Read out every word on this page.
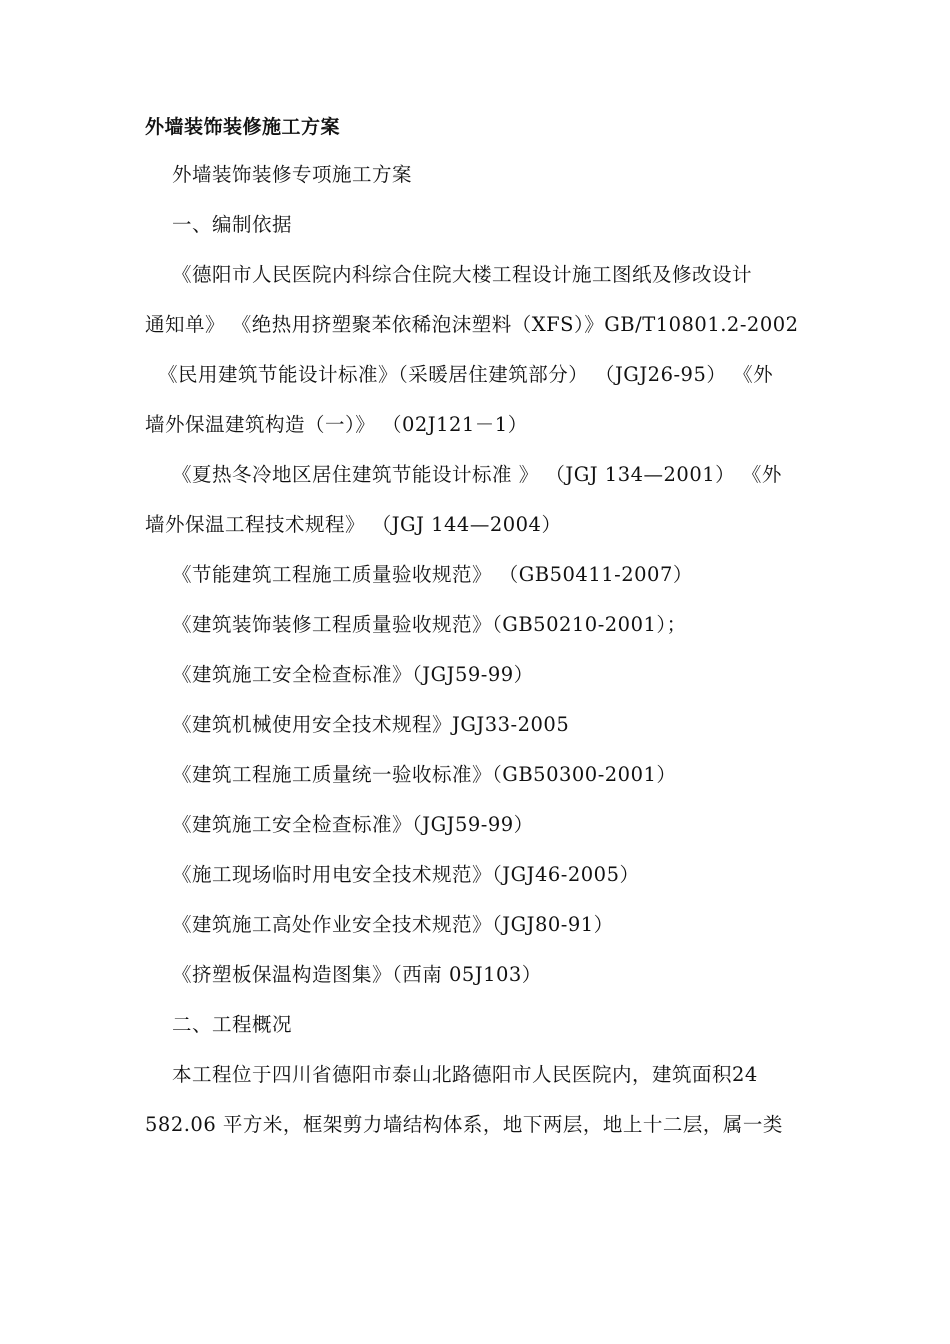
外墙装饰装修施工方案
外墙装饰装修专项施工方案
一、编制依据
《德阳市人民医院内科综合住院大楼工程设计施工图纸及修改设计
通知单》 《绝热用挤塑聚苯依稀泡沫塑料（XFS）》GB/T10801.2-2002
《民用建筑节能设计标准》（采暖居住建筑部分） （JGJ26-95） 《外
墙外保温建筑构造（一）》 （02J121－1）
《夏热冬冷地区居住建筑节能设计标准 》 （JGJ 134—2001） 《外
墙外保温工程技术规程》 （JGJ 144—2004）
《节能建筑工程施工质量验收规范》 （GB50411-2007）
《建筑装饰装修工程质量验收规范》（GB50210-2001）；
《建筑施工安全检查标准》（JGJ59-99）
《建筑机械使用安全技术规程》JGJ33-2005
《建筑工程施工质量统一验收标准》（GB50300-2001）
《建筑施工安全检查标准》（JGJ59-99）
《施工现场临时用电安全技术规范》（JGJ46-2005）
《建筑施工高处作业安全技术规范》（JGJ80-91）
《挤塑板保温构造图集》（西南 05J103）
二、工程概况
本工程位于四川省德阳市泰山北路德阳市人民医院内，建筑面积24
582.06 平方米，框架剪力墙结构体系，地下两层，地上十二层，属一类
